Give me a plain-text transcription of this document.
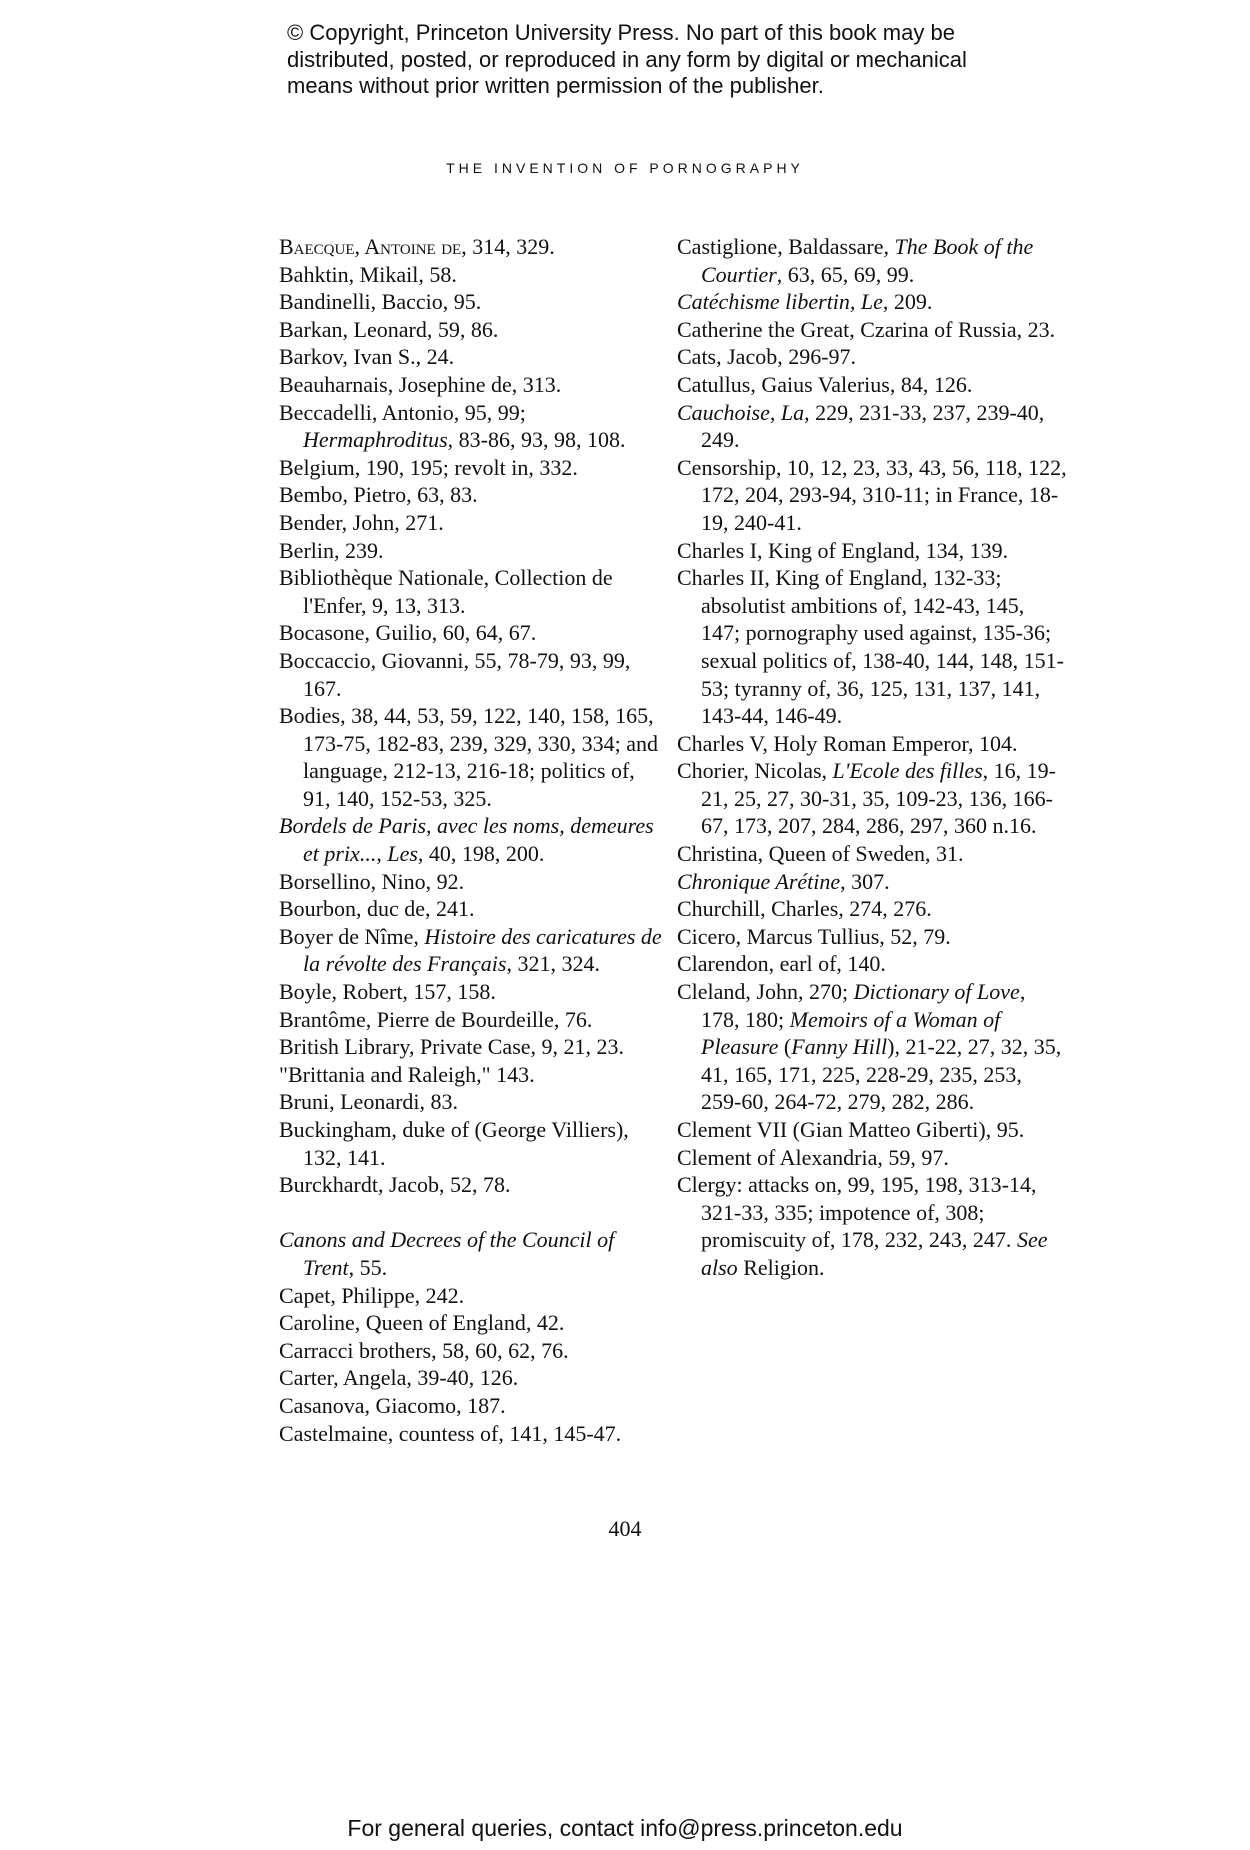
© Copyright, Princeton University Press. No part of this book may be
distributed, posted, or reproduced in any form by digital or mechanical
means without prior written permission of the publisher.
THE INVENTION OF PORNOGRAPHY
Baecque, Antoine de, 314, 329.
Bahktin, Mikail, 58.
Bandinelli, Baccio, 95.
Barkan, Leonard, 59, 86.
Barkov, Ivan S., 24.
Beauharnais, Josephine de, 313.
Beccadelli, Antonio, 95, 99; Hermaphroditus, 83-86, 93, 98, 108.
Belgium, 190, 195; revolt in, 332.
Bembo, Pietro, 63, 83.
Bender, John, 271.
Berlin, 239.
Bibliothèque Nationale, Collection de l'Enfer, 9, 13, 313.
Bocasone, Guilio, 60, 64, 67.
Boccaccio, Giovanni, 55, 78-79, 93, 99, 167.
Bodies, 38, 44, 53, 59, 122, 140, 158, 165, 173-75, 182-83, 239, 329, 330, 334; and language, 212-13, 216-18; politics of, 91, 140, 152-53, 325.
Bordels de Paris, avec les noms, demeures et prix..., Les, 40, 198, 200.
Borsellino, Nino, 92.
Bourbon, duc de, 241.
Boyer de Nîme, Histoire des caricatures de la révolte des Français, 321, 324.
Boyle, Robert, 157, 158.
Brantôme, Pierre de Bourdeille, 76.
British Library, Private Case, 9, 21, 23.
"Brittania and Raleigh," 143.
Bruni, Leonardi, 83.
Buckingham, duke of (George Villiers), 132, 141.
Burckhardt, Jacob, 52, 78.
Canons and Decrees of the Council of Trent, 55.
Capet, Philippe, 242.
Caroline, Queen of England, 42.
Carracci brothers, 58, 60, 62, 76.
Carter, Angela, 39-40, 126.
Casanova, Giacomo, 187.
Castelmaine, countess of, 141, 145-47.
Castiglione, Baldassare, The Book of the Courtier, 63, 65, 69, 99.
Catéchisme libertin, Le, 209.
Catherine the Great, Czarina of Russia, 23.
Cats, Jacob, 296-97.
Catullus, Gaius Valerius, 84, 126.
Cauchoise, La, 229, 231-33, 237, 239-40, 249.
Censorship, 10, 12, 23, 33, 43, 56, 118, 122, 172, 204, 293-94, 310-11; in France, 18-19, 240-41.
Charles I, King of England, 134, 139.
Charles II, King of England, 132-33; absolutist ambitions of, 142-43, 145, 147; pornography used against, 135-36; sexual politics of, 138-40, 144, 148, 151-53; tyranny of, 36, 125, 131, 137, 141, 143-44, 146-49.
Charles V, Holy Roman Emperor, 104.
Chorier, Nicolas, L'Ecole des filles, 16, 19-21, 25, 27, 30-31, 35, 109-23, 136, 166-67, 173, 207, 284, 286, 297, 360 n.16.
Christina, Queen of Sweden, 31.
Chronique Arétine, 307.
Churchill, Charles, 274, 276.
Cicero, Marcus Tullius, 52, 79.
Clarendon, earl of, 140.
Cleland, John, 270; Dictionary of Love, 178, 180; Memoirs of a Woman of Pleasure (Fanny Hill), 21-22, 27, 32, 35, 41, 165, 171, 225, 228-29, 235, 253, 259-60, 264-72, 279, 282, 286.
Clement VII (Gian Matteo Giberti), 95.
Clement of Alexandria, 59, 97.
Clergy: attacks on, 99, 195, 198, 313-14, 321-33, 335; impotence of, 308; promiscuity of, 178, 232, 243, 247. See also Religion.
404
For general queries, contact info@press.princeton.edu
